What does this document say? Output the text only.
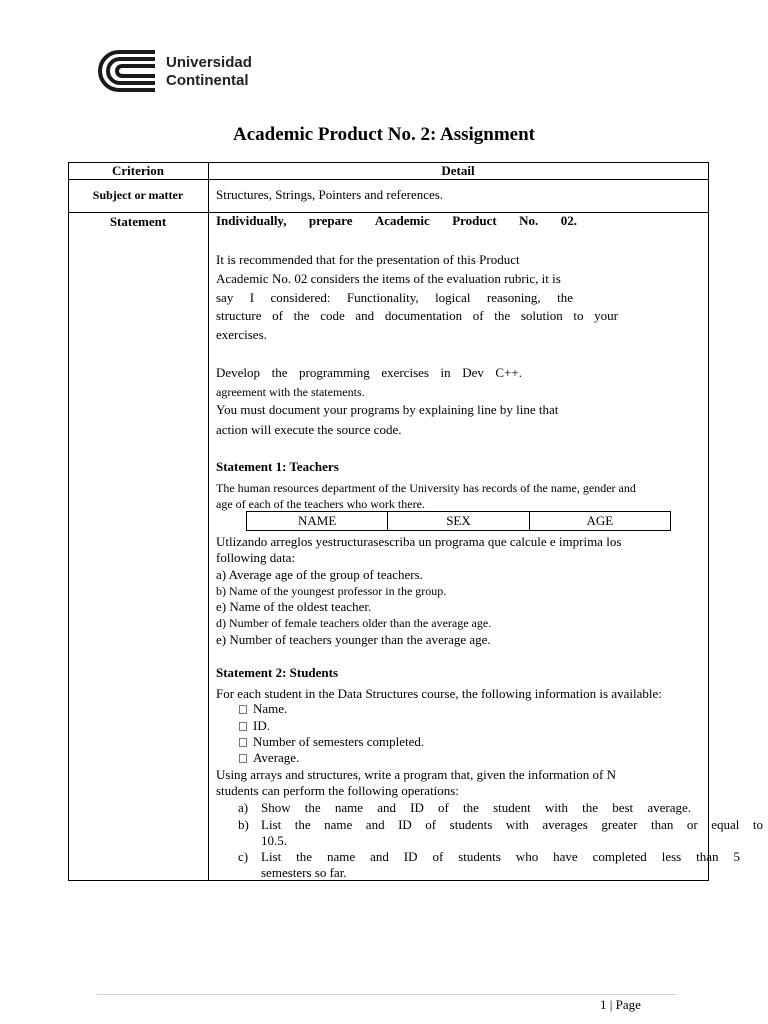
Universidad
Continental
Academic Product No. 2: Assignment
Criterion	Detail
Subject or matter	Structures, Strings, Pointers and references.
Statement	Individually, prepare Academic Product No. 02.
It is recommended that for the presentation of this Product
Academic No. 02 considers the items of the evaluation rubric, it is
say I considered: Functionality, logical reasoning, the
structure of the code and documentation of the solution to your
exercises.
Develop the programming exercises in Dev C++.
agreement with the statements.
You must document your programs by explaining line by line that
action will execute the source code.
Statement 1: Teachers
The human resources department of the University has records of the name, gender and
age of each of the teachers who work there.
NAME	SEX	AGE
Utlizando arreglos yestructurasescriba un programa que calcule e imprima los
following data:
a) Average age of the group of teachers.
b) Name of the youngest professor in the group.
e) Name of the oldest teacher.
d) Number of female teachers older than the average age.
e) Number of teachers younger than the average age.
Statement 2: Students
For each student in the Data Structures course, the following information is available:
Name.
ID.
Number of semesters completed.
Average.
Using arrays and structures, write a program that, given the information of N
students can perform the following operations:
a) Show the name and ID of the student with the best average.
b) List the name and ID of students with averages greater than or equal to
10.5.
c) List the name and ID of students who have completed less than 5
semesters so far.
1 | Page
